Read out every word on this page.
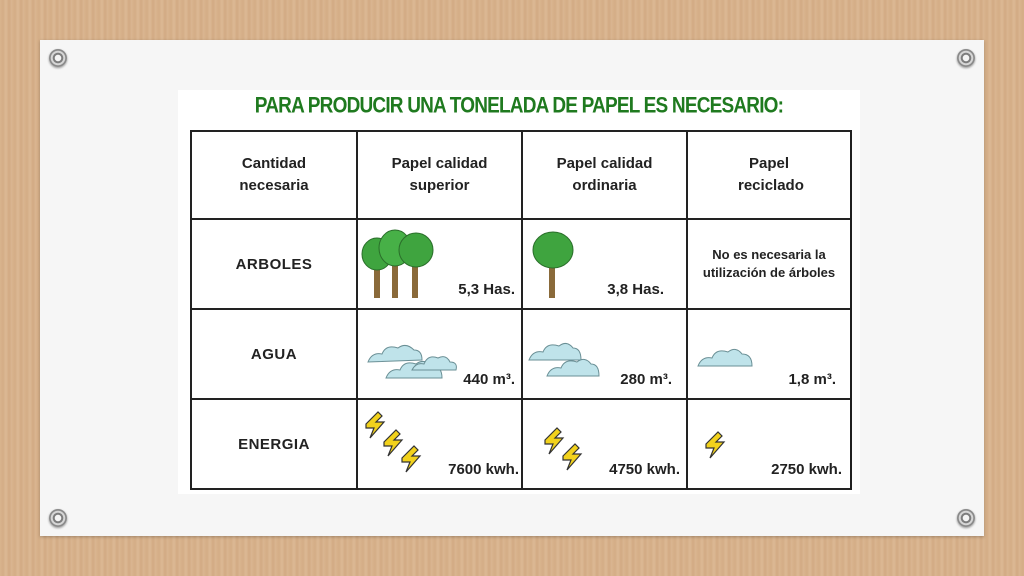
PARA PRODUCIR UNA TONELADA DE PAPEL ES NECESARIO:
Cantidad necesaria	Papel calidad superior	Papel calidad ordinaria	Papel reciclado
ARBOLES	5,3 Has.	3,8 Has.	No es necesaria la utilización de árboles

AGUA	440 m³.	280 m³.	1,8 m³.

ENERGIA	7600 kwh.	4750 kwh.	2750 kwh.
